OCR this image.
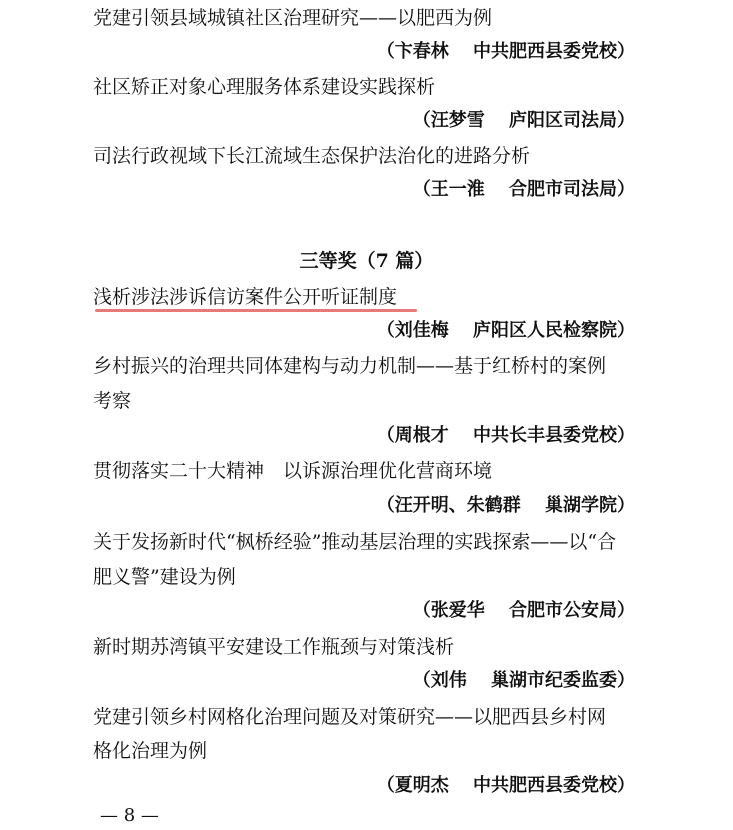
党建引领县域城镇社区治理研究——以肥西为例
（卞春林　 中共肥西县委党校）
社区矫正对象心理服务体系建设实践探析
（汪梦雪　 庐阳区司法局）
司法行政视域下长江流域生态保护法治化的进路分析
（王一淮　 合肥市司法局）
三等奖（7 篇）
浅析涉法涉诉信访案件公开听证制度
（刘佳梅　 庐阳区人民检察院）
乡村振兴的治理共同体建构与动力机制——基于红桥村的案例
考察
（周根才　 中共长丰县委党校）
贯彻落实二十大精神　以诉源治理优化营商环境
（汪开明、朱鹤群　 巢湖学院）
关于发扬新时代“枫桥经验”推动基层治理的实践探索——以“合
肥义警”建设为例
（张爱华　 合肥市公安局）
新时期苏湾镇平安建设工作瓶颈与对策浅析
（刘伟　 巢湖市纪委监委）
党建引领乡村网格化治理问题及对策研究——以肥西县乡村网
格化治理为例
（夏明杰　 中共肥西县委党校）
— 8 —
